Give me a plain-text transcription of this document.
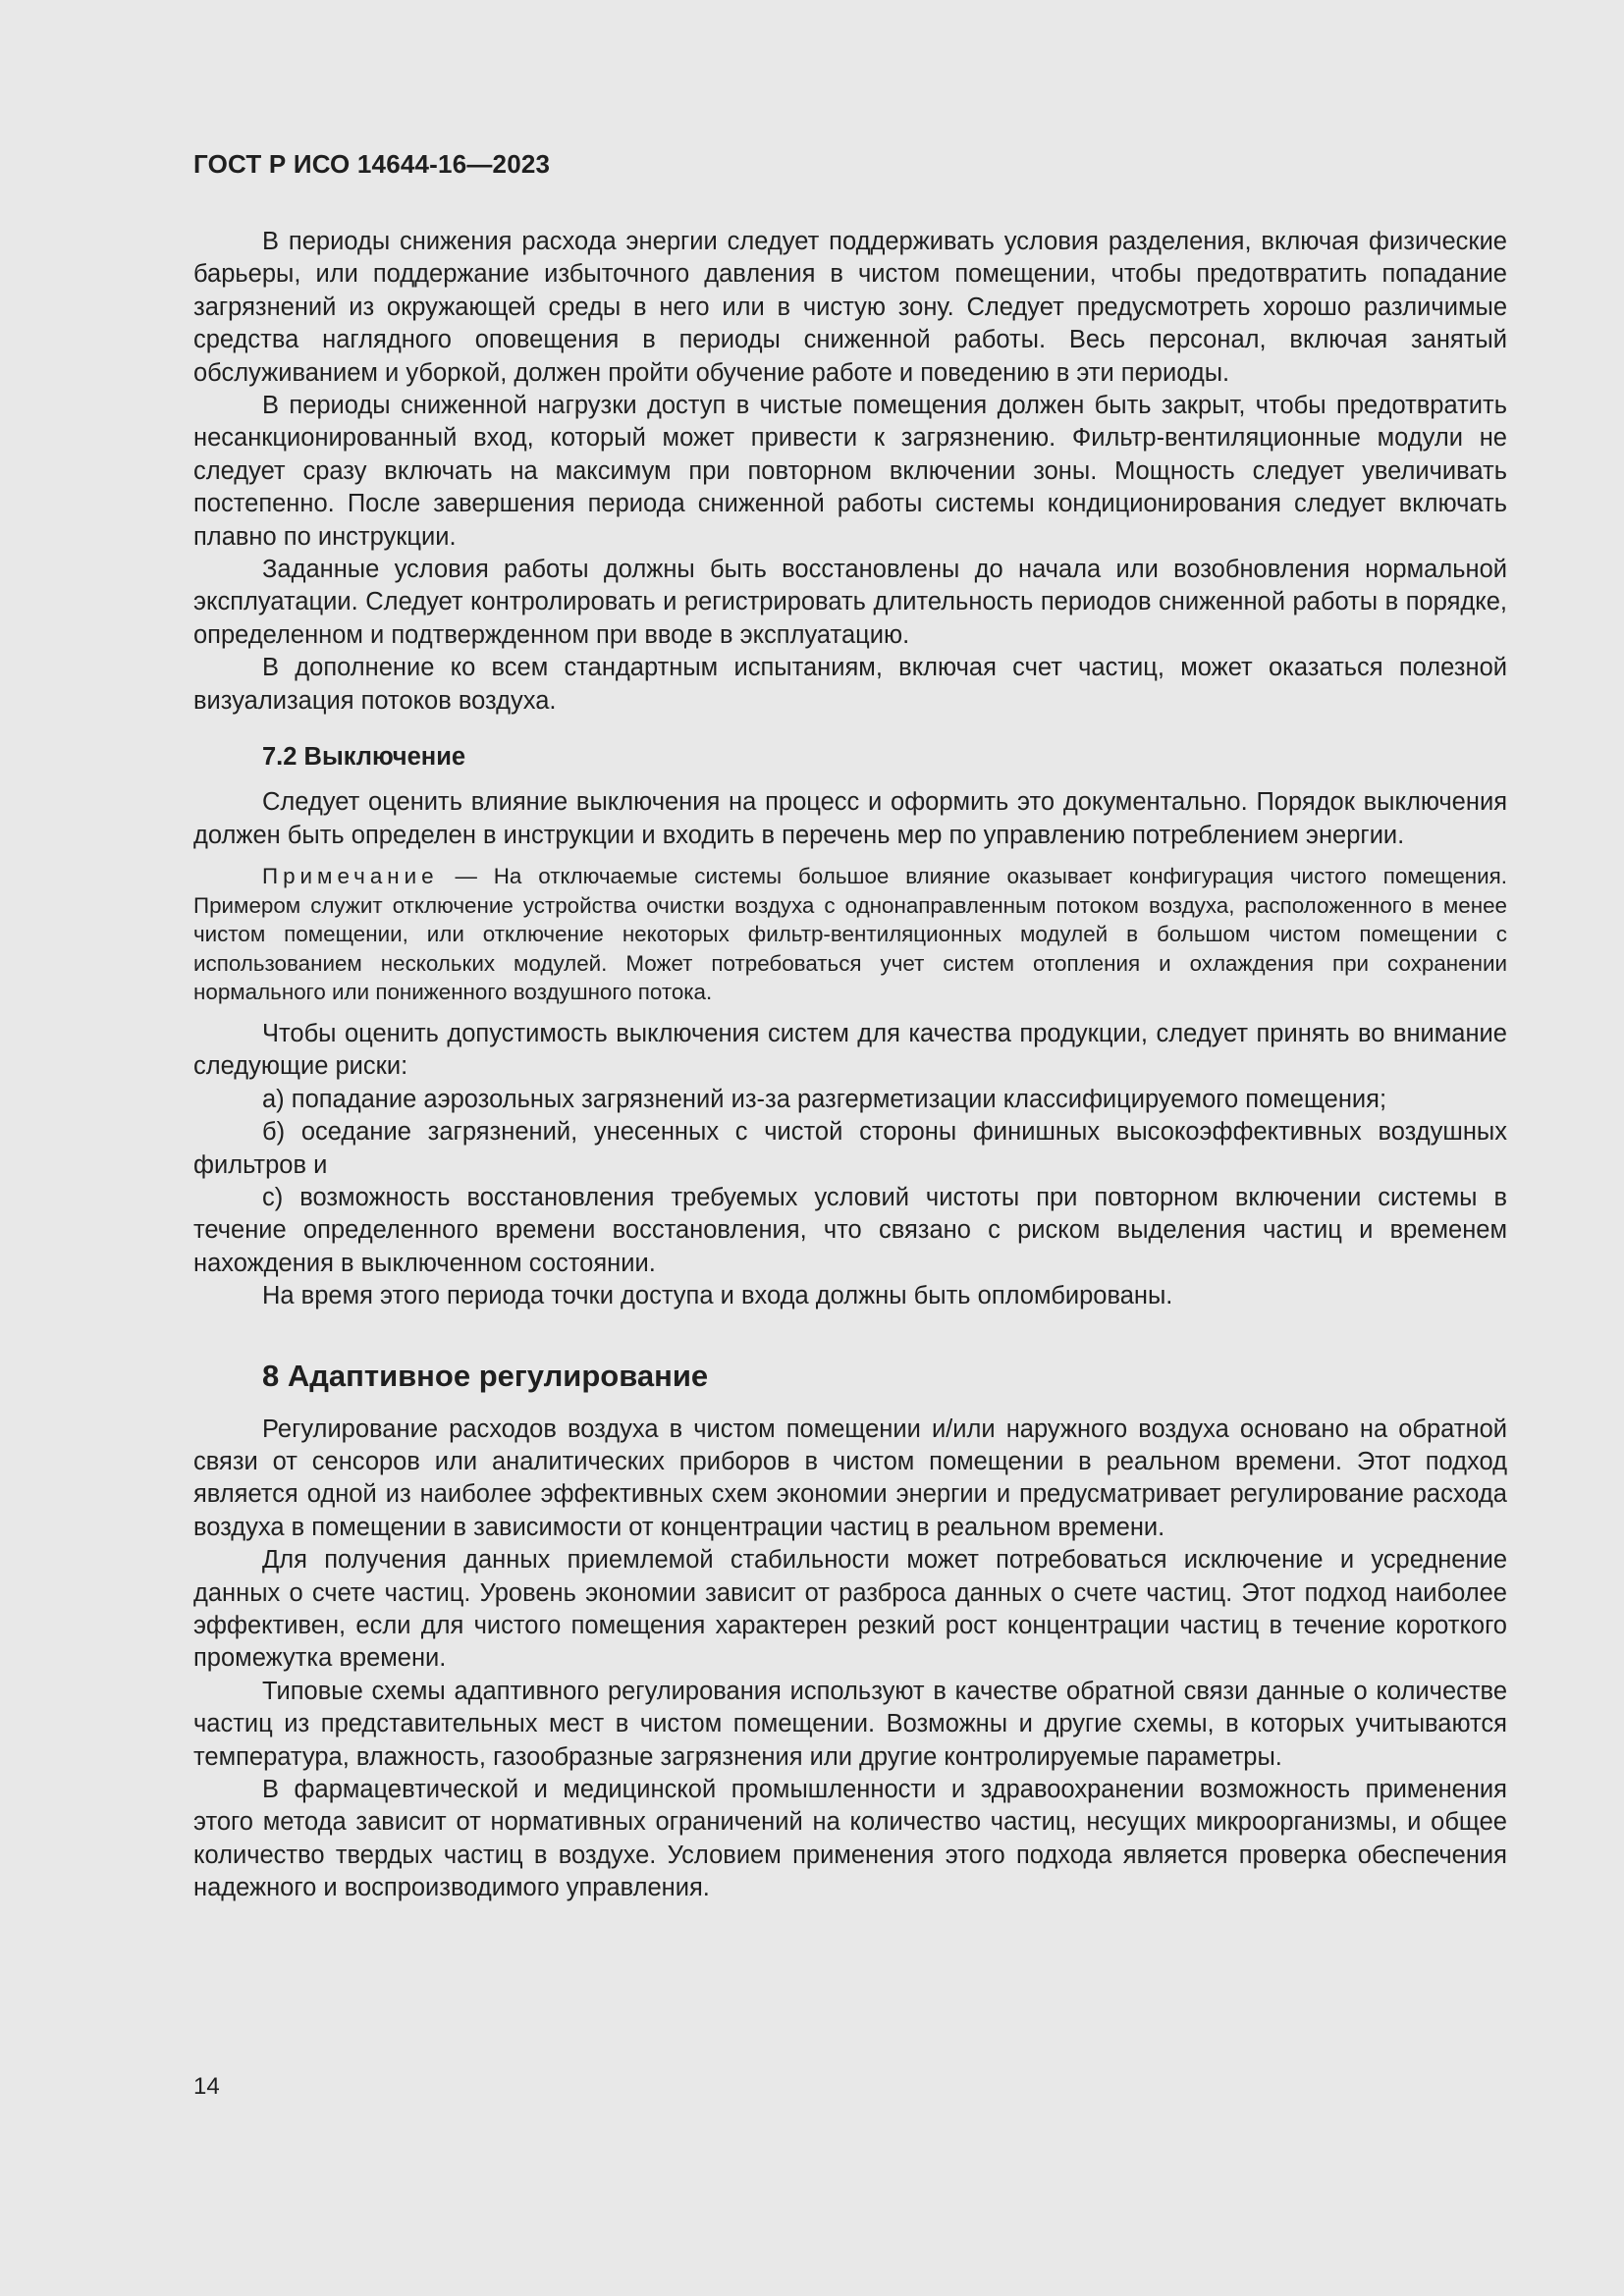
ГОСТ Р ИСО 14644-16—2023

В периоды снижения расхода энергии следует поддерживать условия разделения, включая физические барьеры, или поддержание избыточного давления в чистом помещении, чтобы предотвратить попадание загрязнений из окружающей среды в него или в чистую зону. Следует предусмотреть хорошо различимые средства наглядного оповещения в периоды сниженной работы. Весь персонал, включая занятый обслуживанием и уборкой, должен пройти обучение работе и поведению в эти периоды.

В периоды сниженной нагрузки доступ в чистые помещения должен быть закрыт, чтобы предотвратить несанкционированный вход, который может привести к загрязнению. Фильтр-вентиляционные модули не следует сразу включать на максимум при повторном включении зоны. Мощность следует увеличивать постепенно. После завершения периода сниженной работы системы кондиционирования следует включать плавно по инструкции.

Заданные условия работы должны быть восстановлены до начала или возобновления нормальной эксплуатации. Следует контролировать и регистрировать длительность периодов сниженной работы в порядке, определенном и подтвержденном при вводе в эксплуатацию.

В дополнение ко всем стандартным испытаниям, включая счет частиц, может оказаться полезной визуализация потоков воздуха.

7.2 Выключение

Следует оценить влияние выключения на процесс и оформить это документально. Порядок выключения должен быть определен в инструкции и входить в перечень мер по управлению потреблением энергии.

Примечание — На отключаемые системы большое влияние оказывает конфигурация чистого помещения. Примером служит отключение устройства очистки воздуха с однонаправленным потоком воздуха, расположенного в менее чистом помещении, или отключение некоторых фильтр-вентиляционных модулей в большом чистом помещении с использованием нескольких модулей. Может потребоваться учет систем отопления и охлаждения при сохранении нормального или пониженного воздушного потока.

Чтобы оценить допустимость выключения систем для качества продукции, следует принять во внимание следующие риски:

а) попадание аэрозольных загрязнений из-за разгерметизации классифицируемого помещения;

б) оседание загрязнений, унесенных с чистой стороны финишных высокоэффективных воздушных фильтров и

с) возможность восстановления требуемых условий чистоты при повторном включении системы в течение определенного времени восстановления, что связано с риском выделения частиц и временем нахождения в выключенном состоянии.

На время этого периода точки доступа и входа должны быть опломбированы.

8 Адаптивное регулирование

Регулирование расходов воздуха в чистом помещении и/или наружного воздуха основано на обратной связи от сенсоров или аналитических приборов в чистом помещении в реальном времени. Этот подход является одной из наиболее эффективных схем экономии энергии и предусматривает регулирование расхода воздуха в помещении в зависимости от концентрации частиц в реальном времени.

Для получения данных приемлемой стабильности может потребоваться исключение и усреднение данных о счете частиц. Уровень экономии зависит от разброса данных о счете частиц. Этот подход наиболее эффективен, если для чистого помещения характерен резкий рост концентрации частиц в течение короткого промежутка времени.

Типовые схемы адаптивного регулирования используют в качестве обратной связи данные о количестве частиц из представительных мест в чистом помещении. Возможны и другие схемы, в которых учитываются температура, влажность, газообразные загрязнения или другие контролируемые параметры.

В фармацевтической и медицинской промышленности и здравоохранении возможность применения этого метода зависит от нормативных ограничений на количество частиц, несущих микроорганизмы, и общее количество твердых частиц в воздухе. Условием применения этого подхода является проверка обеспечения надежного и воспроизводимого управления.

14
